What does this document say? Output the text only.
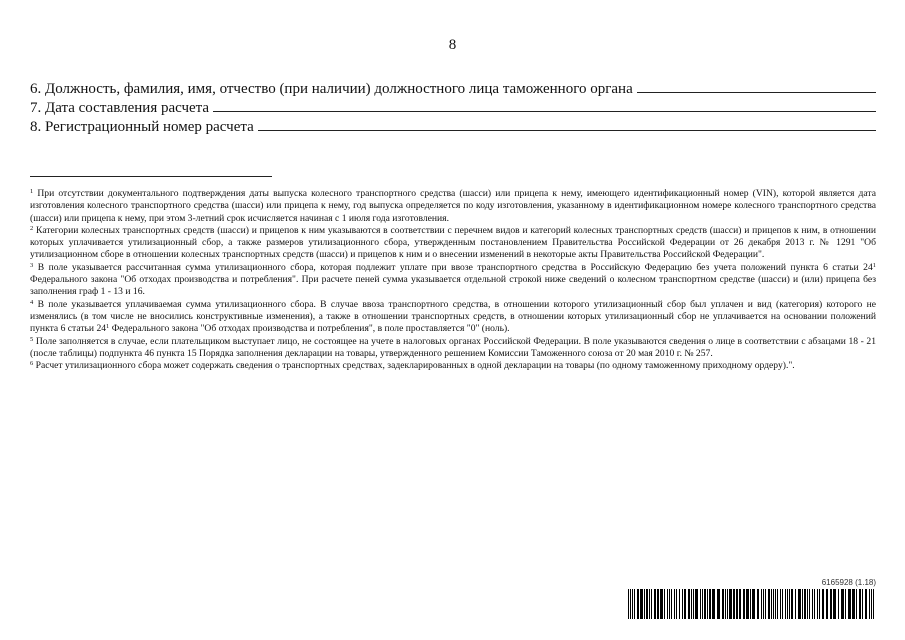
8
6. Должность, фамилия, имя, отчество (при наличии) должностного лица таможенного органа
7. Дата составления расчета
8. Регистрационный номер расчета

$^1$ При отсутствии документального подтверждения даты выпуска колесного транспортного средства (шасси) или прицепа к нему, имеющего идентификационный номер (VIN), которой является дата изготовления колесного транспортного средства (шасси) или прицепа к нему, год выпуска определяется по коду изготовления, указанному в идентификационном номере колесного транспортного средства (шасси) или прицепа к нему, при этом 3-летний срок исчисляется начиная с 1 июля года изготовления.

$^2$ Категории колесных транспортных средств (шасси) и прицепов к ним указываются в соответствии с перечнем видов и категорий колесных транспортных средств (шасси) и прицепов к ним, в отношении которых уплачивается утилизационный сбор, а также размеров утилизационного сбора, утвержденным постановлением Правительства Российской Федерации от 26 декабря 2013 г. № 1291 "Об утилизационном сборе в отношении колесных транспортных средств (шасси) и прицепов к ним и о внесении изменений в некоторые акты Правительства Российской Федерации".

$^3$ В поле указывается рассчитанная сумма утилизационного сбора, которая подлежит уплате при ввозе транспортного средства в Российскую Федерацию без учета положений пункта 6 статьи $24^1$ Федерального закона "Об отходах производства и потребления". При расчете пеней сумма указывается отдельной строкой ниже сведений о колесном транспортном средстве (шасси) и (или) прицепа без заполнения граф 1 - 13 и 16.

$^4$ В поле указывается уплачиваемая сумма утилизационного сбора. В случае ввоза транспортного средства, в отношении которого утилизационный сбор был уплачен и вид (категория) которого не изменялись (в том числе не вносились конструктивные изменения), а также в отношении транспортных средств, в отношении которых утилизационный сбор не уплачивается на основании положений пункта 6 статьи $24^1$ Федерального закона "Об отходах производства и потребления", в поле проставляется "0" (ноль).

$^5$ Поле заполняется в случае, если плательщиком выступает лицо, не состоящее на учете в налоговых органах Российской Федерации. В поле указываются сведения о лице в соответствии с абзацами 18 - 21 (после таблицы) подпункта 46 пункта 15 Порядка заполнения декларации на товары, утвержденного решением Комиссии Таможенного союза от 20 мая 2010 г. № 257.

$^6$ Расчет утилизационного сбора может содержать сведения о транспортных средствах, задекларированных в одной декларации на товары (по одному таможенному приходному ордеру).".

6165928 (1.18)
